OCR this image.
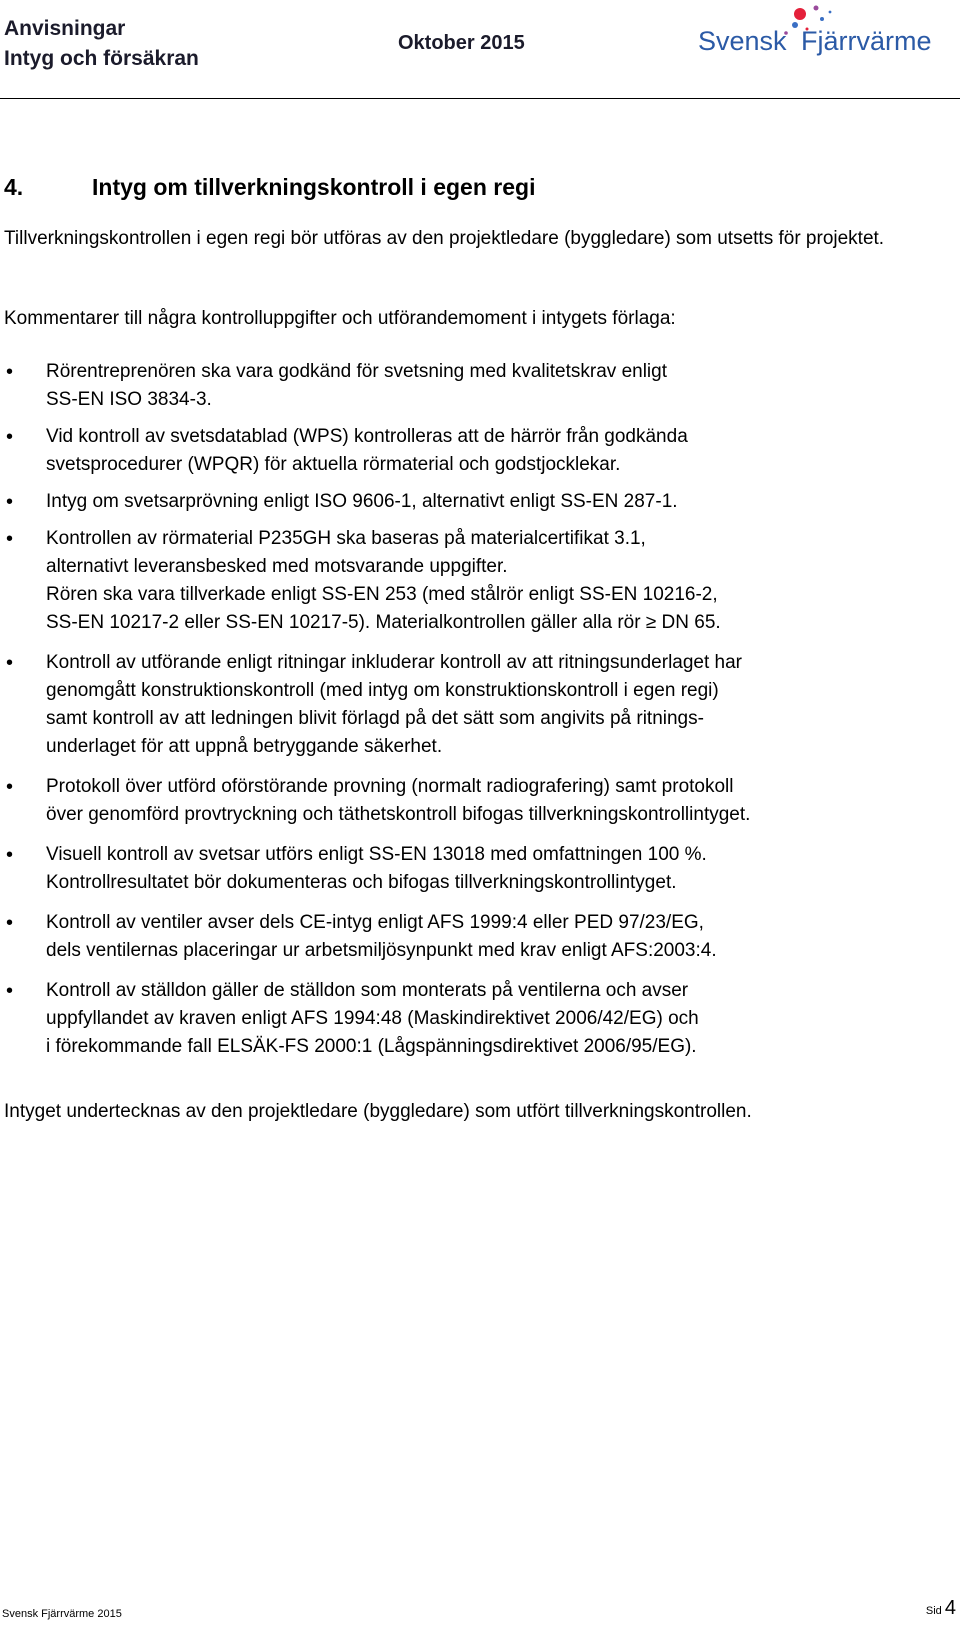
Anvisningar
Intyg och försäkran
Oktober 2015	Svensk Fjärrvärme
4.	Intyg om tillverkningskontroll i egen regi

Tillverkningskontrollen i egen regi bör utföras av den projektledare (byggledare) som utsetts för projektet.

Kommentarer till några kontrolluppgifter och utförandemoment i intygets förlaga:

• Rörentreprenören ska vara godkänd för svetsning med kvalitetskrav enligt
SS-EN ISO 3834-3.
• Vid kontroll av svetsdatablad (WPS) kontrolleras att de härrör från godkända
svetsprocedurer (WPQR) för aktuella rörmaterial och godstjocklekar.
• Intyg om svetsarprövning enligt ISO 9606-1, alternativt enligt SS-EN 287-1.
• Kontrollen av rörmaterial P235GH ska baseras på materialcertifikat 3.1,
alternativt leveransbesked med motsvarande uppgifter.
Rören ska vara tillverkade enligt SS-EN 253 (med stålrör enligt SS-EN 10216-2,
SS-EN 10217-2 eller SS-EN 10217-5). Materialkontrollen gäller alla rör ≥ DN 65.
• Kontroll av utförande enligt ritningar inkluderar kontroll av att ritningsunderlaget har
genomgått konstruktionskontroll (med intyg om konstruktionskontroll i egen regi)
samt kontroll av att ledningen blivit förlagd på det sätt som angivits på ritnings-
underlaget för att uppnå betryggande säkerhet.
• Protokoll över utförd oförstörande provning (normalt radiografering) samt protokoll
över genomförd provtryckning och täthetskontroll bifogas tillverkningskontrollintyget.
• Visuell kontroll av svetsar utförs enligt SS-EN 13018 med omfattningen 100 %.
Kontrollresultatet bör dokumenteras och bifogas tillverkningskontrollintyget.
• Kontroll av ventiler avser dels CE-intyg enligt AFS 1999:4 eller PED 97/23/EG,
dels ventilernas placeringar ur arbetsmiljösynpunkt med krav enligt AFS:2003:4.
• Kontroll av ställdon gäller de ställdon som monterats på ventilerna och avser
uppfyllandet av kraven enligt AFS 1994:48 (Maskindirektivet 2006/42/EG) och
i förekommande fall ELSÄK-FS 2000:1 (Lågspänningsdirektivet 2006/95/EG).

Intyget undertecknas av den projektledare (byggledare) som utfört tillverkningskontrollen.

Svensk Fjärrvärme 2015	Sid 4
